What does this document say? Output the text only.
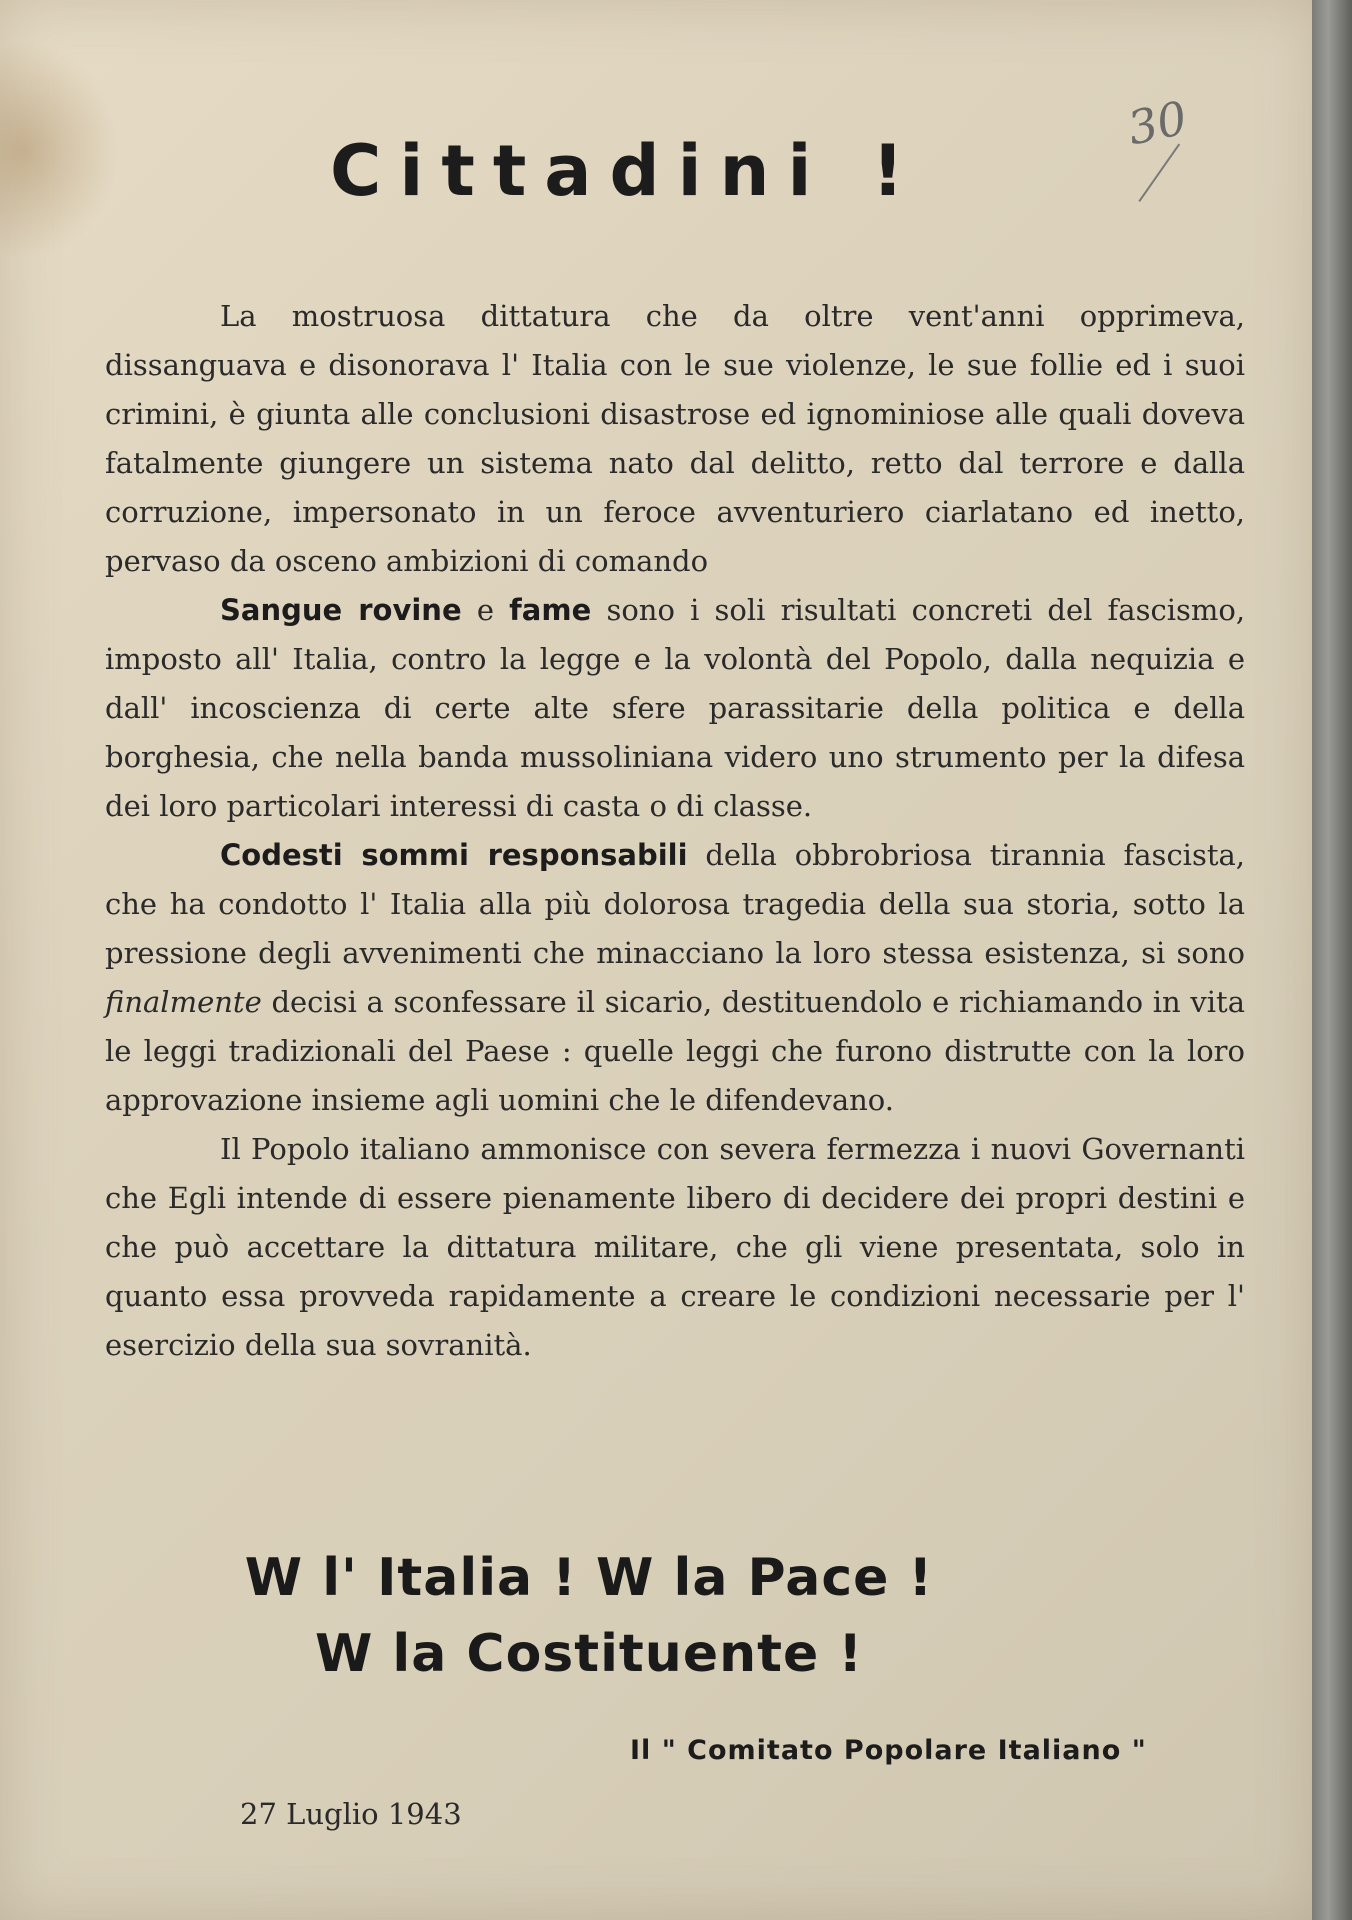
Cittadini !
30

La mostruosa dittatura che da oltre vent'anni opprimeva, dissanguava e disonorava l' Italia con le sue violenze, le sue follie ed i suoi crimini, è giunta alle conclusioni disastrose ed ignominiose alle quali doveva fatalmente giungere un sistema nato dal delitto, retto dal terrore e dalla corruzione, impersonato in un feroce avventuriero ciarlatano ed inetto, pervaso da osceno ambizioni di comando

Sangue rovine e fame sono i soli risultati concreti del fascismo, imposto all' Italia, contro la legge e la volontà del Popolo, dalla nequizia e dall' incoscienza di certe alte sfere parassitarie della politica e della borghesia, che nella banda mussoliniana videro uno strumento per la difesa dei loro particolari interessi di casta o di classe.

Codesti sommi responsabili della obbrobriosa tirannia fascista, che ha condotto l' Italia alla più dolorosa tragedia della sua storia, sotto la pressione degli avvenimenti che minacciano la loro stessa esistenza, si sono finalmente decisi a sconfessare il sicario, destituendolo e richiamando in vita le leggi tradizionali del Paese : quelle leggi che furono distrutte con la loro approvazione insieme agli uomini che le difendevano.

Il Popolo italiano ammonisce con severa fermezza i nuovi Governanti che Egli intende di essere pienamente libero di decidere dei propri destini e che può accettare la dittatura militare, che gli viene presentata, solo in quanto essa provveda rapidamente a creare le condizioni necessarie per l' esercizio della sua sovranità.

W l' Italia ! W la Pace !
W la Costituente !
Il " Comitato Popolare Italiano "
27 Luglio 1943
